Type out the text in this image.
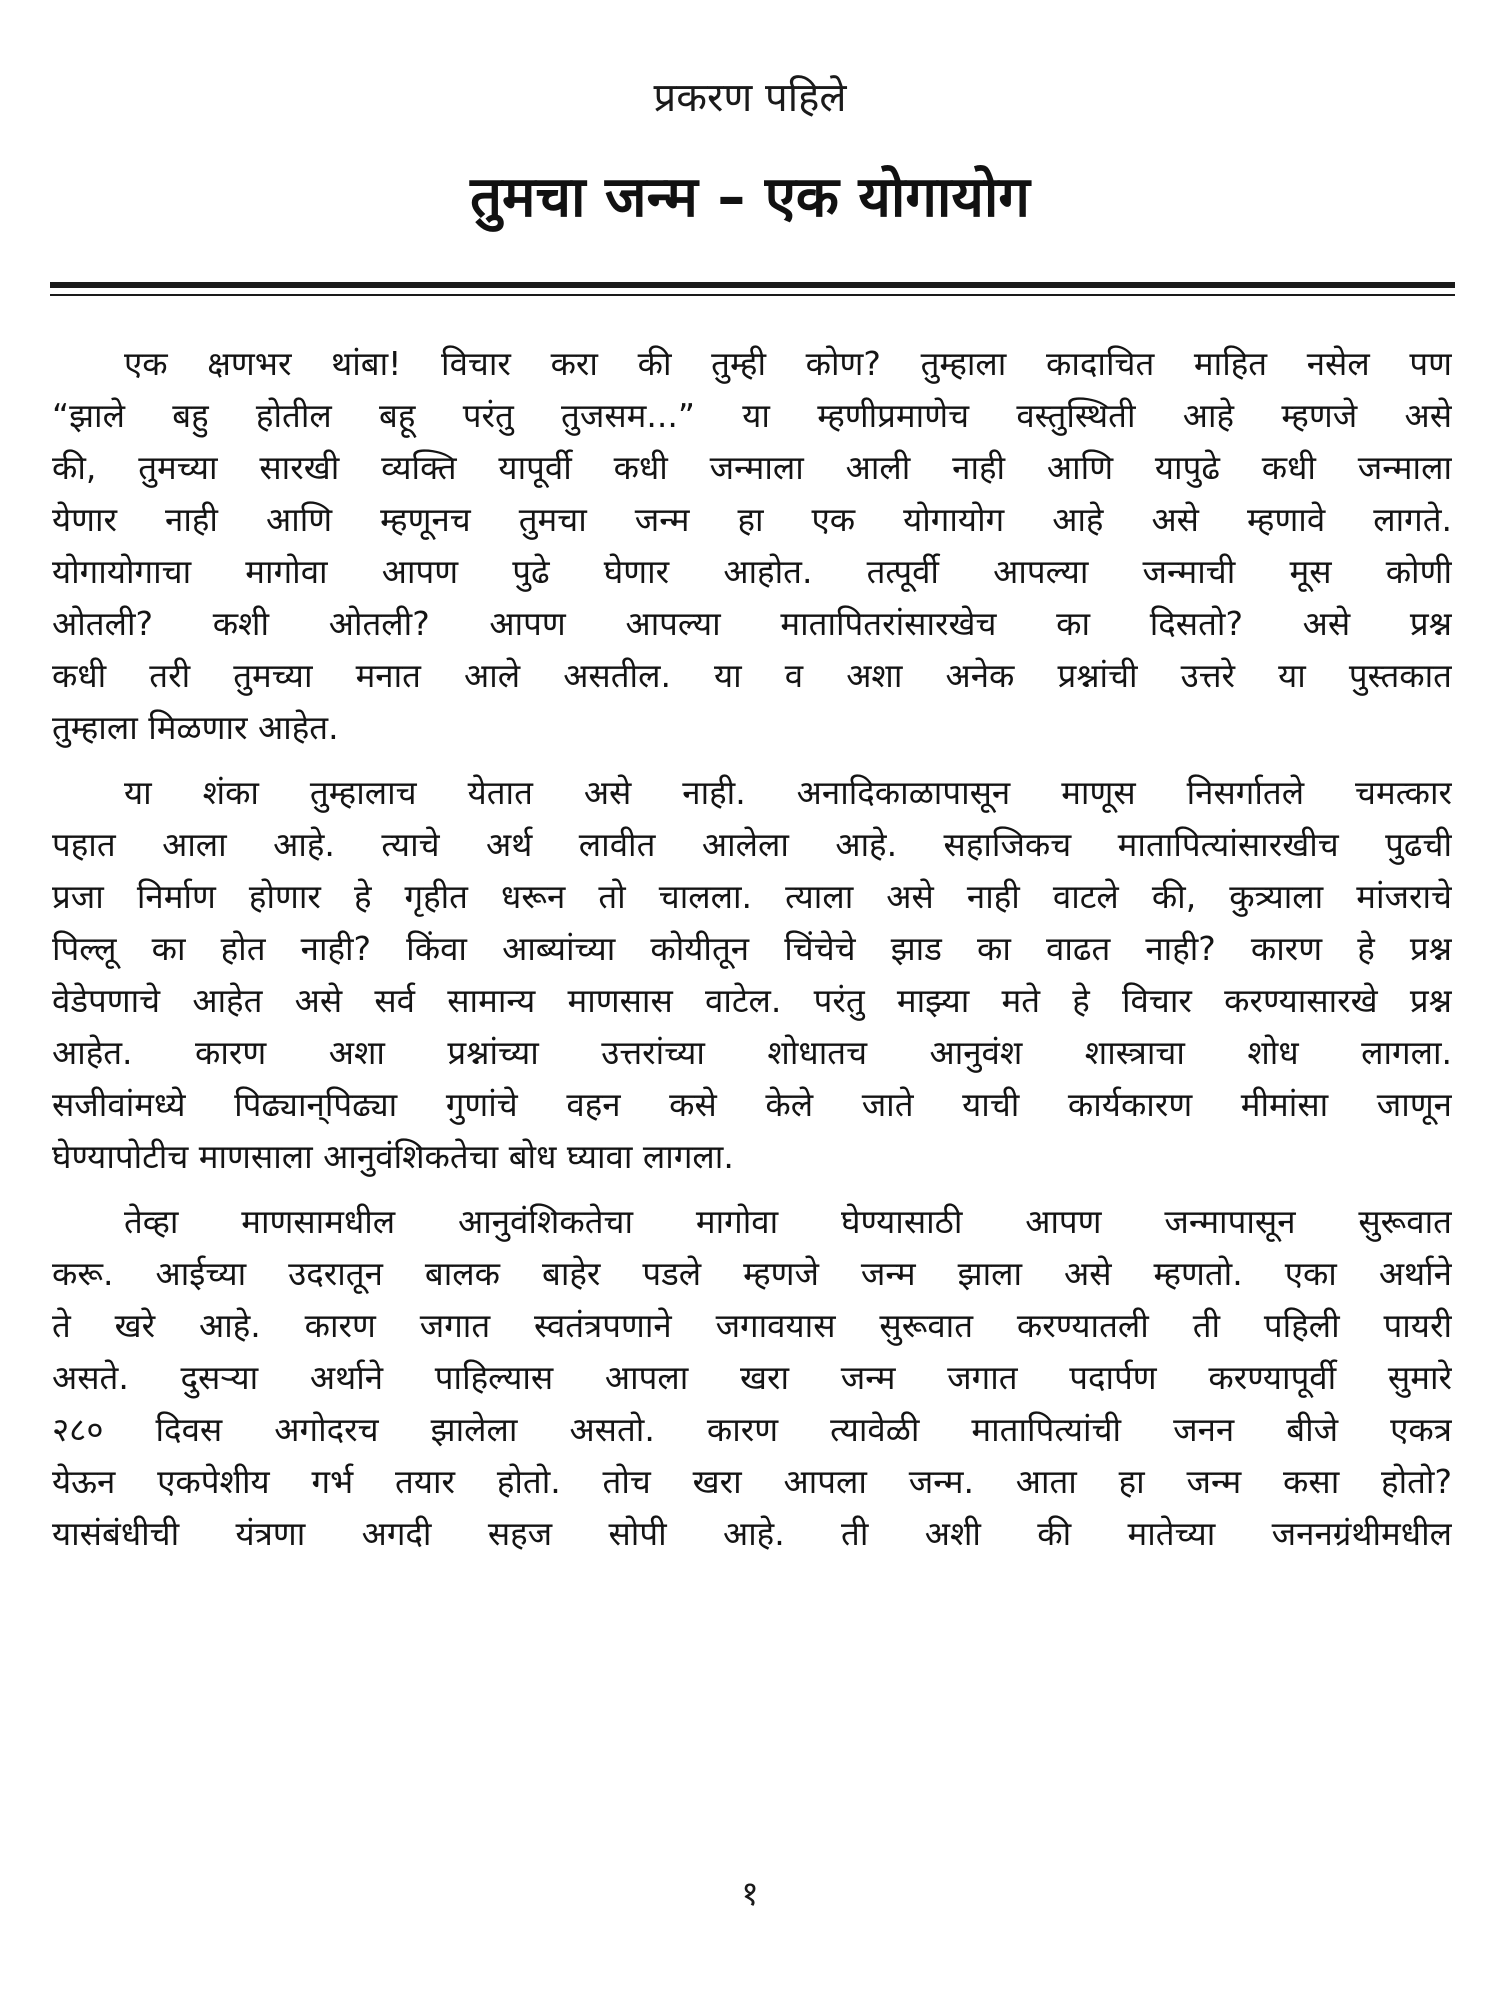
प्रकरण पहिले
तुमचा जन्म – एक योगायोग
एक क्षणभर थांबा! विचार करा की तुम्ही कोण? तुम्हाला कादाचित माहित नसेल पण
“झाले बहु होतील बहू परंतु तुजसम...” या म्हणीप्रमाणेच वस्तुस्थिती आहे म्हणजे असे
की, तुमच्या सारखी व्यक्ति यापूर्वी कधी जन्माला आली नाही आणि यापुढे कधी जन्माला
येणार नाही आणि म्हणूनच तुमचा जन्म हा एक योगायोग आहे असे म्हणावे लागते.
योगायोगाचा मागोवा आपण पुढे घेणार आहोत. तत्पूर्वी आपल्या जन्माची मूस कोणी
ओतली? कशी ओतली? आपण आपल्या मातापितरांसारखेच का दिसतो? असे प्रश्न
कधी तरी तुमच्या मनात आले असतील. या व अशा अनेक प्रश्नांची उत्तरे या पुस्तकात
तुम्हाला मिळणार आहेत.
या शंका तुम्हालाच येतात असे नाही. अनादिकाळापासून माणूस निसर्गातले चमत्कार
पहात आला आहे. त्याचे अर्थ लावीत आलेला आहे. सहाजिकच मातापित्यांसारखीच पुढची
प्रजा निर्माण होणार हे गृहीत धरून तो चालला. त्याला असे नाही वाटले की, कुत्र्याला मांजराचे
पिल्लू का होत नाही? किंवा आब्यांच्या कोयीतून चिंचेचे झाड का वाढत नाही? कारण हे प्रश्न
वेडेपणाचे आहेत असे सर्व सामान्य माणसास वाटेल. परंतु माझ्या मते हे विचार करण्यासारखे प्रश्न
आहेत. कारण अशा प्रश्नांच्या उत्तरांच्या शोधातच आनुवंश शास्त्राचा शोध लागला.
सजीवांमध्ये पिढ्यान्‌पिढ्या गुणांचे वहन कसे केले जाते याची कार्यकारण मीमांसा जाणून
घेण्यापोटीच माणसाला आनुवंशिकतेचा बोध घ्यावा लागला.
तेव्हा माणसामधील आनुवंशिकतेचा मागोवा घेण्यासाठी आपण जन्मापासून सुरूवात
करू. आईच्या उदरातून बालक बाहेर पडले म्हणजे जन्म झाला असे म्हणतो. एका अर्थाने
ते खरे आहे. कारण जगात स्वतंत्रपणाने जगावयास सुरूवात करण्यातली ती पहिली पायरी
असते. दुसऱ्या अर्थाने पाहिल्यास आपला खरा जन्म जगात पदार्पण करण्यापूर्वी सुमारे
२८० दिवस अगोदरच झालेला असतो. कारण त्यावेळी मातापित्यांची जनन बीजे एकत्र
येऊन एकपेशीय गर्भ तयार होतो. तोच खरा आपला जन्म. आता हा जन्म कसा होतो?
यासंबंधीची यंत्रणा अगदी सहज सोपी आहे. ती अशी की मातेच्या जननग्रंथीमधील
१
